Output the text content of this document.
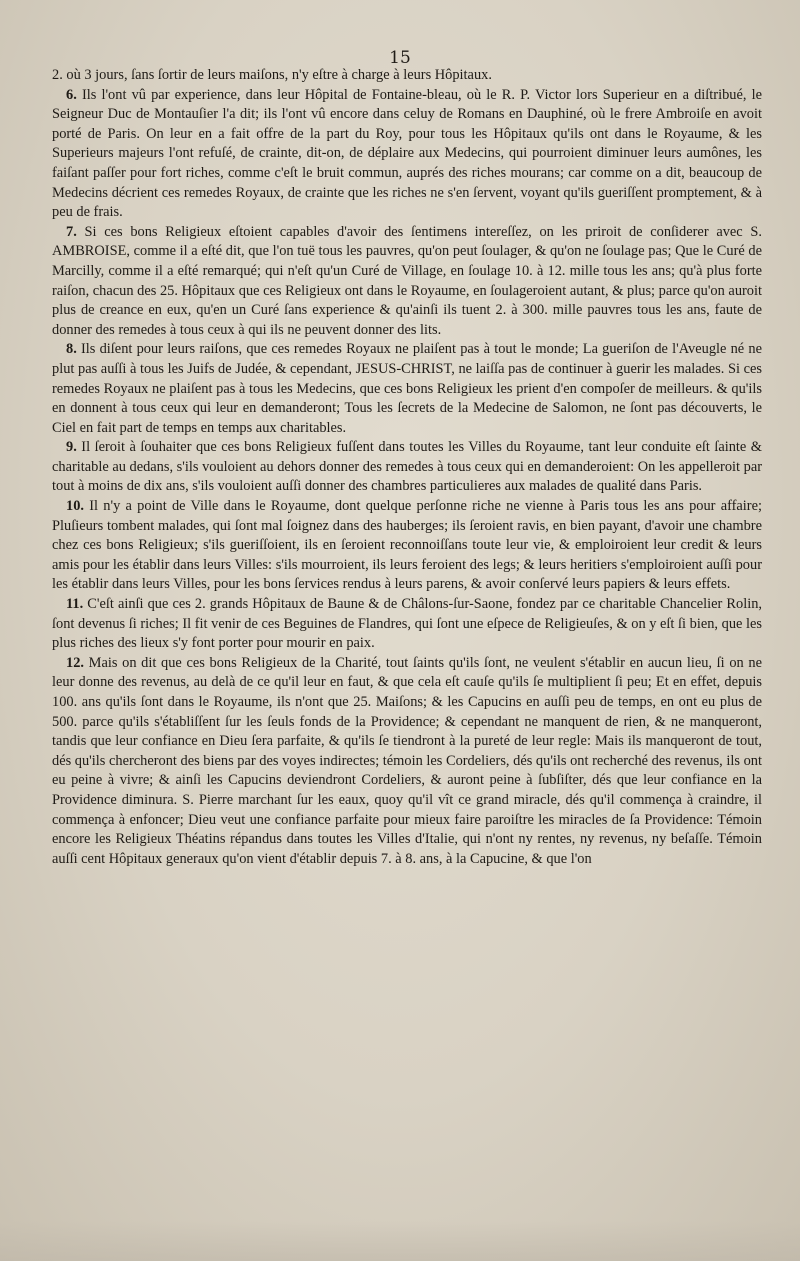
15

2. où 3 jours, ſans ſortir de leurs maiſons, n'y eſtre à charge à leurs Hôpitaux.

6. Ils l'ont vû par experience, dans leur Hôpital de Fontaine-bleau, où le R. P. Victor lors Superieur en a diſtribué, le Seigneur Duc de Montauſier l'a dit; ils l'ont vû encore dans celuy de Romans en Dauphiné, où le frere Ambroiſe en avoit porté de Paris. On leur en a fait offre de la part du Roy, pour tous les Hôpitaux qu'ils ont dans le Royaume, & les Superieurs majeurs l'ont refuſé, de crainte, dit-on, de déplaire aux Medecins, qui pourroient diminuer leurs aumônes, les faiſant paſſer pour fort riches, comme c'eſt le bruit commun, auprés des riches mourans; car comme on a dit, beaucoup de Medecins décrient ces remedes Royaux, de crainte que les riches ne s'en ſervent, voyant qu'ils gueriſſent promptement, & à peu de frais.

7. Si ces bons Religieux eſtoient capables d'avoir des ſentimens intereſſez, on les priroit de conſiderer avec S. AMBROISE, comme il a eſté dit, que l'on tuë tous les pauvres, qu'on peut ſoulager, & qu'on ne ſoulage pas; Que le Curé de Marcilly, comme il a eſté remarqué; qui n'eſt qu'un Curé de Village, en ſoulage 10. à 12. mille tous les ans; qu'à plus forte raiſon, chacun des 25. Hôpitaux que ces Religieux ont dans le Royaume, en ſoulageroient autant, & plus; parce qu'on auroit plus de creance en eux, qu'en un Curé ſans experience & qu'ainſi ils tuent 2. à 300. mille pauvres tous les ans, faute de donner des remedes à tous ceux à qui ils ne peuvent donner des lits.

8. Ils diſent pour leurs raiſons, que ces remedes Royaux ne plaiſent pas à tout le monde; La gueriſon de l'Aveugle né ne plut pas auſſi à tous les Juifs de Judée, & cependant, JESUS-CHRIST, ne laiſſa pas de continuer à guerir les malades. Si ces remedes Royaux ne plaiſent pas à tous les Medecins, que ces bons Religieux les prient d'en compoſer de meilleurs. & qu'ils en donnent à tous ceux qui leur en demanderont; Tous les ſecrets de la Medecine de Salomon, ne ſont pas découverts, le Ciel en fait part de temps en temps aux charitables.

9. Il ſeroit à ſouhaiter que ces bons Religieux fuſſent dans toutes les Villes du Royaume, tant leur conduite eſt ſainte & charitable au dedans, s'ils vouloient au dehors donner des remedes à tous ceux qui en demanderoient: On les appelleroit par tout à moins de dix ans, s'ils vouloient auſſi donner des chambres particulieres aux malades de qualité dans Paris.

10. Il n'y a point de Ville dans le Royaume, dont quelque perſonne riche ne vienne à Paris tous les ans pour affaire; Pluſieurs tombent malades, qui ſont mal ſoignez dans des hauberges; ils ſeroient ravis, en bien payant, d'avoir une chambre chez ces bons Religieux; s'ils gueriſſoient, ils en ſeroient reconnoiſſans toute leur vie, & emploiroient leur credit & leurs amis pour les établir dans leurs Villes: s'ils mourroient, ils leurs feroient des legs; & leurs heritiers s'emploiroient auſſi pour les établir dans leurs Villes, pour les bons ſervices rendus à leurs parens, & avoir conſervé leurs papiers & leurs effets.

11. C'eſt ainſi que ces 2. grands Hôpitaux de Baune & de Châlons-ſur-Saone, fondez par ce charitable Chancelier Rolin, ſont devenus ſi riches; Il fit venir de ces Beguines de Flandres, qui ſont une eſpece de Religieuſes, & on y eſt ſi bien, que les plus riches des lieux s'y font porter pour mourir en paix.

12. Mais on dit que ces bons Religieux de la Charité, tout ſaints qu'ils ſont, ne veulent s'établir en aucun lieu, ſi on ne leur donne des revenus, au delà de ce qu'il leur en faut, & que cela eſt cauſe qu'ils ſe multiplient ſi peu; Et en effet, depuis 100. ans qu'ils ſont dans le Royaume, ils n'ont que 25. Maiſons; & les Capucins en auſſi peu de temps, en ont eu plus de 500. parce qu'ils s'établiſſent ſur les ſeuls fonds de la Providence; & cependant ne manquent de rien, & ne manqueront, tandis que leur confiance en Dieu ſera parfaite, & qu'ils ſe tiendront à la pureté de leur regle: Mais ils manqueront de tout, dés qu'ils chercheront des biens par des voyes indirectes; témoin les Cordeliers, dés qu'ils ont recherché des revenus, ils ont eu peine à vivre; & ainſi les Capucins deviendront Cordeliers, & auront peine à ſubſiſter, dés que leur confiance en la Providence diminura. S. Pierre marchant ſur les eaux, quoy qu'il vît ce grand miracle, dés qu'il commença à craindre, il commença à enfoncer; Dieu veut une confiance parfaite pour mieux faire paroiſtre les miracles de ſa Providence: Témoin encore les Religieux Théatins répandus dans toutes les Villes d'Italie, qui n'ont ny rentes, ny revenus, ny beſaſſe. Témoin auſſi cent Hôpitaux generaux qu'on vient d'établir depuis 7. à 8. ans, à la Capucine, & que l'on
